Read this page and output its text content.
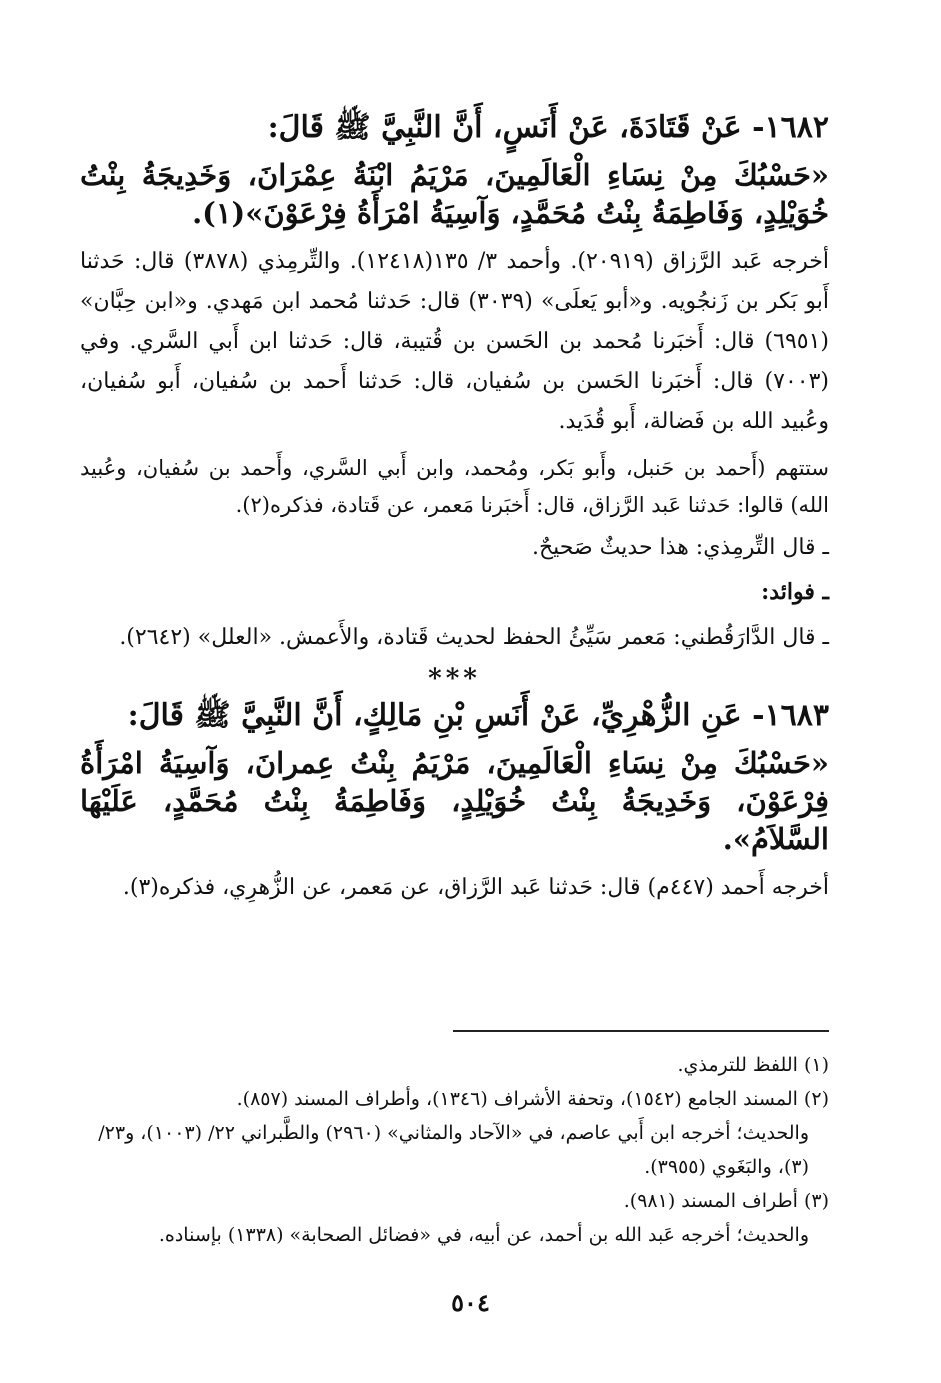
١٦٨٢- عَنْ قَتَادَةَ، عَنْ أَنَسٍ، أَنَّ النَّبِيَّ ﷺ قَالَ:
«حَسْبُكَ مِنْ نِسَاءِ الْعَالَمِينَ، مَرْيَمُ ابْنَةُ عِمْرَانَ، وَخَدِيجَةُ بِنْتُ خُوَيْلِدٍ، وَفَاطِمَةُ بِنْتُ مُحَمَّدٍ، وَآسِيَةُ امْرَأَةُ فِرْعَوْنَ»(١).
أخرجه عَبد الرَّزاق (٢٠٩١٩). وأحمد ٣/ ١٣٥(١٢٤١٨). والتِّرمِذي (٣٨٧٨) قال: حَدثنا أَبو بَكر بن زَنجُويه. و«أبو يَعلَى» (٣٠٣٩) قال: حَدثنا مُحمد ابن مَهدي. و«ابن حِبَّان» (٦٩٥١) قال: أَخبَرنا مُحمد بن الحَسن بن قُتيبة، قال: حَدثنا ابن أَبي السَّري. وفي (٧٠٠٣) قال: أَخبَرنا الحَسن بن سُفيان، قال: حَدثنا أَحمد بن سُفيان، أَبو سُفيان، وعُبيد الله بن فَضالة، أَبو قُدَيد.
ستتهم (أَحمد بن حَنبل، وأَبو بَكر، ومُحمد، وابن أَبي السَّري، وأَحمد بن سُفيان، وعُبيد الله) قالوا: حَدثنا عَبد الرَّزاق، قال: أَخبَرنا مَعمر، عن قَتادة، فذكره(٢).
ـ قال التِّرمِذي: هذا حديثٌ صَحيحٌ.
ـ فوائد:
ـ قال الدَّارَقُطني: مَعمر سَيِّئُ الحفظ لحديث قَتادة، والأَعمش. «العلل» (٢٦٤٢).
***
١٦٨٣- عَنِ الزُّهْرِيِّ، عَنْ أَنَسِ بْنِ مَالِكٍ، أَنَّ النَّبِيَّ ﷺ قَالَ:
«حَسْبُكَ مِنْ نِسَاءِ الْعَالَمِينَ، مَرْيَمُ بِنْتُ عِمرانَ، وَآسِيَةُ امْرَأَةُ فِرْعَوْنَ، وَخَدِيجَةُ بِنْتُ خُوَيْلِدٍ، وَفَاطِمَةُ بِنْتُ مُحَمَّدٍ، عَلَيْهَا السَّلاَمُ».
أخرجه أَحمد (٤٤٧م) قال: حَدثنا عَبد الرَّزاق، عن مَعمر، عن الزُّهرِي، فذكره(٣).
(١) اللفظ للترمذي.
(٢) المسند الجامع (١٥٤٢)، وتحفة الأشراف (١٣٤٦)، وأطراف المسند (٨٥٧).
والحديث؛ أخرجه ابن أَبي عاصم، في «الآحاد والمثاني» (٢٩٦٠) والطَّبراني ٢٢/ (١٠٠٣)، و٢٣/ (٣)، والبَغَوي (٣٩٥٥).
(٣) أطراف المسند (٩٨١).
والحديث؛ أخرجه عَبد الله بن أحمد، عن أبيه، في «فضائل الصحابة» (١٣٣٨) بإسناده.
٥٠٤
